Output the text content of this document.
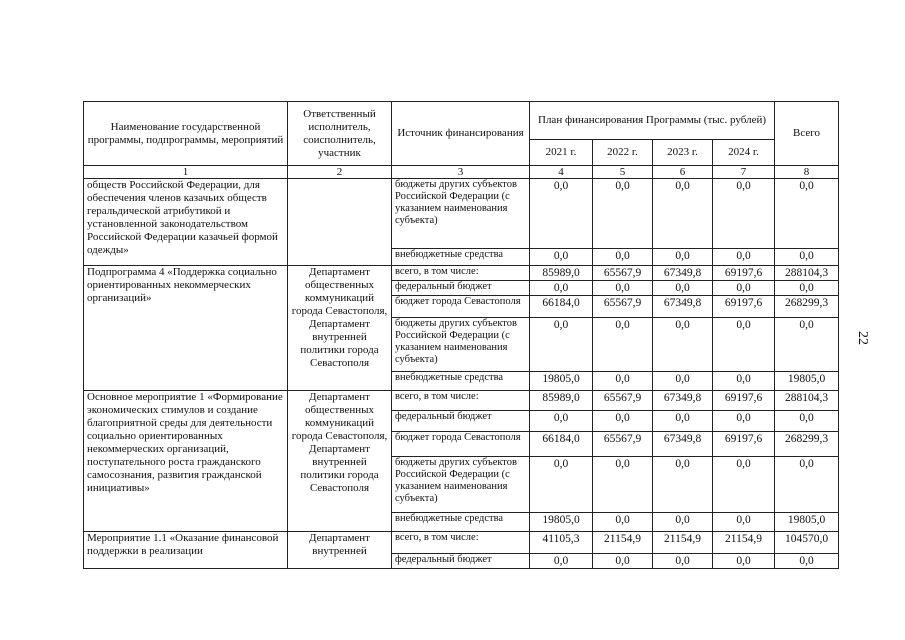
Наименование государственной программы, подпрограммы, мероприятий	Ответственный исполнитель, соисполнитель, участник	Источник финансирования	План финансирования Программы (тыс. рублей)				Всего
			2021 г.	2022 г.	2023 г.	2024 г.	
1	2	3	4	5	6	7	8
обществ Российской Федерации, для обеспечения членов казачьих обществ геральдической атрибутикой и установленной законодательством Российской Федерации казачьей формой одежды»		бюджеты других субъектов Российской Федерации (с указанием наименования субъекта)	0,0	0,0	0,0	0,0	0,0
		внебюджетные средства	0,0	0,0	0,0	0,0	0,0
Подпрограмма 4 «Поддержка социально ориентированных некоммерческих организаций»	Департамент общественных коммуникаций города Севастополя, Департамент внутренней политики города Севастополя	всего, в том числе:	85989,0	65567,9	67349,8	69197,6	288104,3
		федеральный бюджет	0,0	0,0	0,0	0,0	0,0
		бюджет города Севастополя	66184,0	65567,9	67349,8	69197,6	268299,3
		бюджеты других субъектов Российской Федерации (с указанием наименования субъекта)	0,0	0,0	0,0	0,0	0,0
		внебюджетные средства	19805,0	0,0	0,0	0,0	19805,0
Основное мероприятие 1 «Формирование экономических стимулов и создание благоприятной среды для деятельности социально ориентированных некоммерческих организаций, поступательного роста гражданского самосознания, развития гражданской инициативы»	Департамент общественных коммуникаций города Севастополя, Департамент внутренней политики города Севастополя	всего, в том числе:	85989,0	65567,9	67349,8	69197,6	288104,3
		федеральный бюджет	0,0	0,0	0,0	0,0	0,0
		бюджет города Севастополя	66184,0	65567,9	67349,8	69197,6	268299,3
		бюджеты других субъектов Российской Федерации (с указанием наименования субъекта)	0,0	0,0	0,0	0,0	0,0
		внебюджетные средства	19805,0	0,0	0,0	0,0	19805,0
Мероприятие 1.1 «Оказание финансовой поддержки в реализации	Департамент внутренней	всего, в том числе:	41105,3	21154,9	21154,9	21154,9	104570,0
		федеральный бюджет	0,0	0,0	0,0	0,0	0,0
22
